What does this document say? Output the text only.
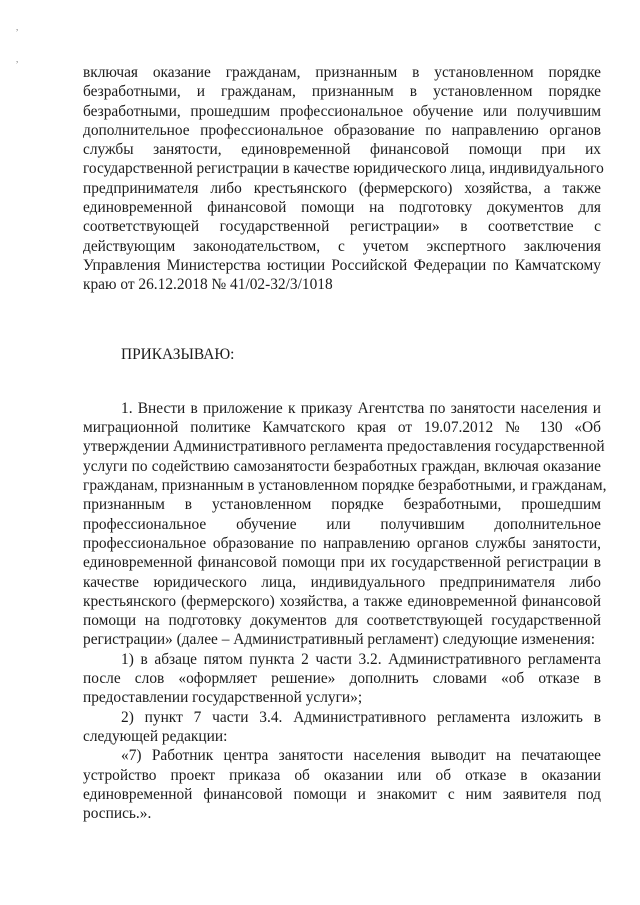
,
,
включая оказание гражданам, признанным в установленном порядке
безработными, и гражданам, признанным в установленном порядке
безработными, прошедшим профессиональное обучение или получившим
дополнительное профессиональное образование по направлению органов
службы занятости, единовременной финансовой помощи при их
государственной регистрации в качестве юридического лица, индивидуального
предпринимателя либо крестьянского (фермерского) хозяйства, а также
единовременной финансовой помощи на подготовку документов для
соответствующей государственной регистрации» в соответствие с
действующим законодательством, с учетом экспертного заключения
Управления Министерства юстиции Российской Федерации по Камчатскому
краю от 26.12.2018 № 41/02-32/3/1018
ПРИКАЗЫВАЮ:
1. Внести в приложение к приказу Агентства по занятости населения и
миграционной политике Камчатского края от 19.07.2012 № 130 «Об
утверждении Административного регламента предоставления государственной
услуги по содействию самозанятости безработных граждан, включая оказание
гражданам, признанным в установленном порядке безработными, и гражданам,
признанным в установленном порядке безработными, прошедшим
профессиональное обучение или получившим дополнительное
профессиональное образование по направлению органов службы занятости,
единовременной финансовой помощи при их государственной регистрации в
качестве юридического лица, индивидуального предпринимателя либо
крестьянского (фермерского) хозяйства, а также единовременной финансовой
помощи на подготовку документов для соответствующей государственной
регистрации» (далее – Административный регламент) следующие изменения:
1) в абзаце пятом пункта 2 части 3.2. Административного регламента
после слов «оформляет решение» дополнить словами «об отказе в
предоставлении государственной услуги»;
2) пункт 7 части 3.4. Административного регламента изложить в
следующей редакции:
«7) Работник центра занятости населения выводит на печатающее
устройство проект приказа об оказании или об отказе в оказании
единовременной финансовой помощи и знакомит с ним заявителя под
роспись.».
